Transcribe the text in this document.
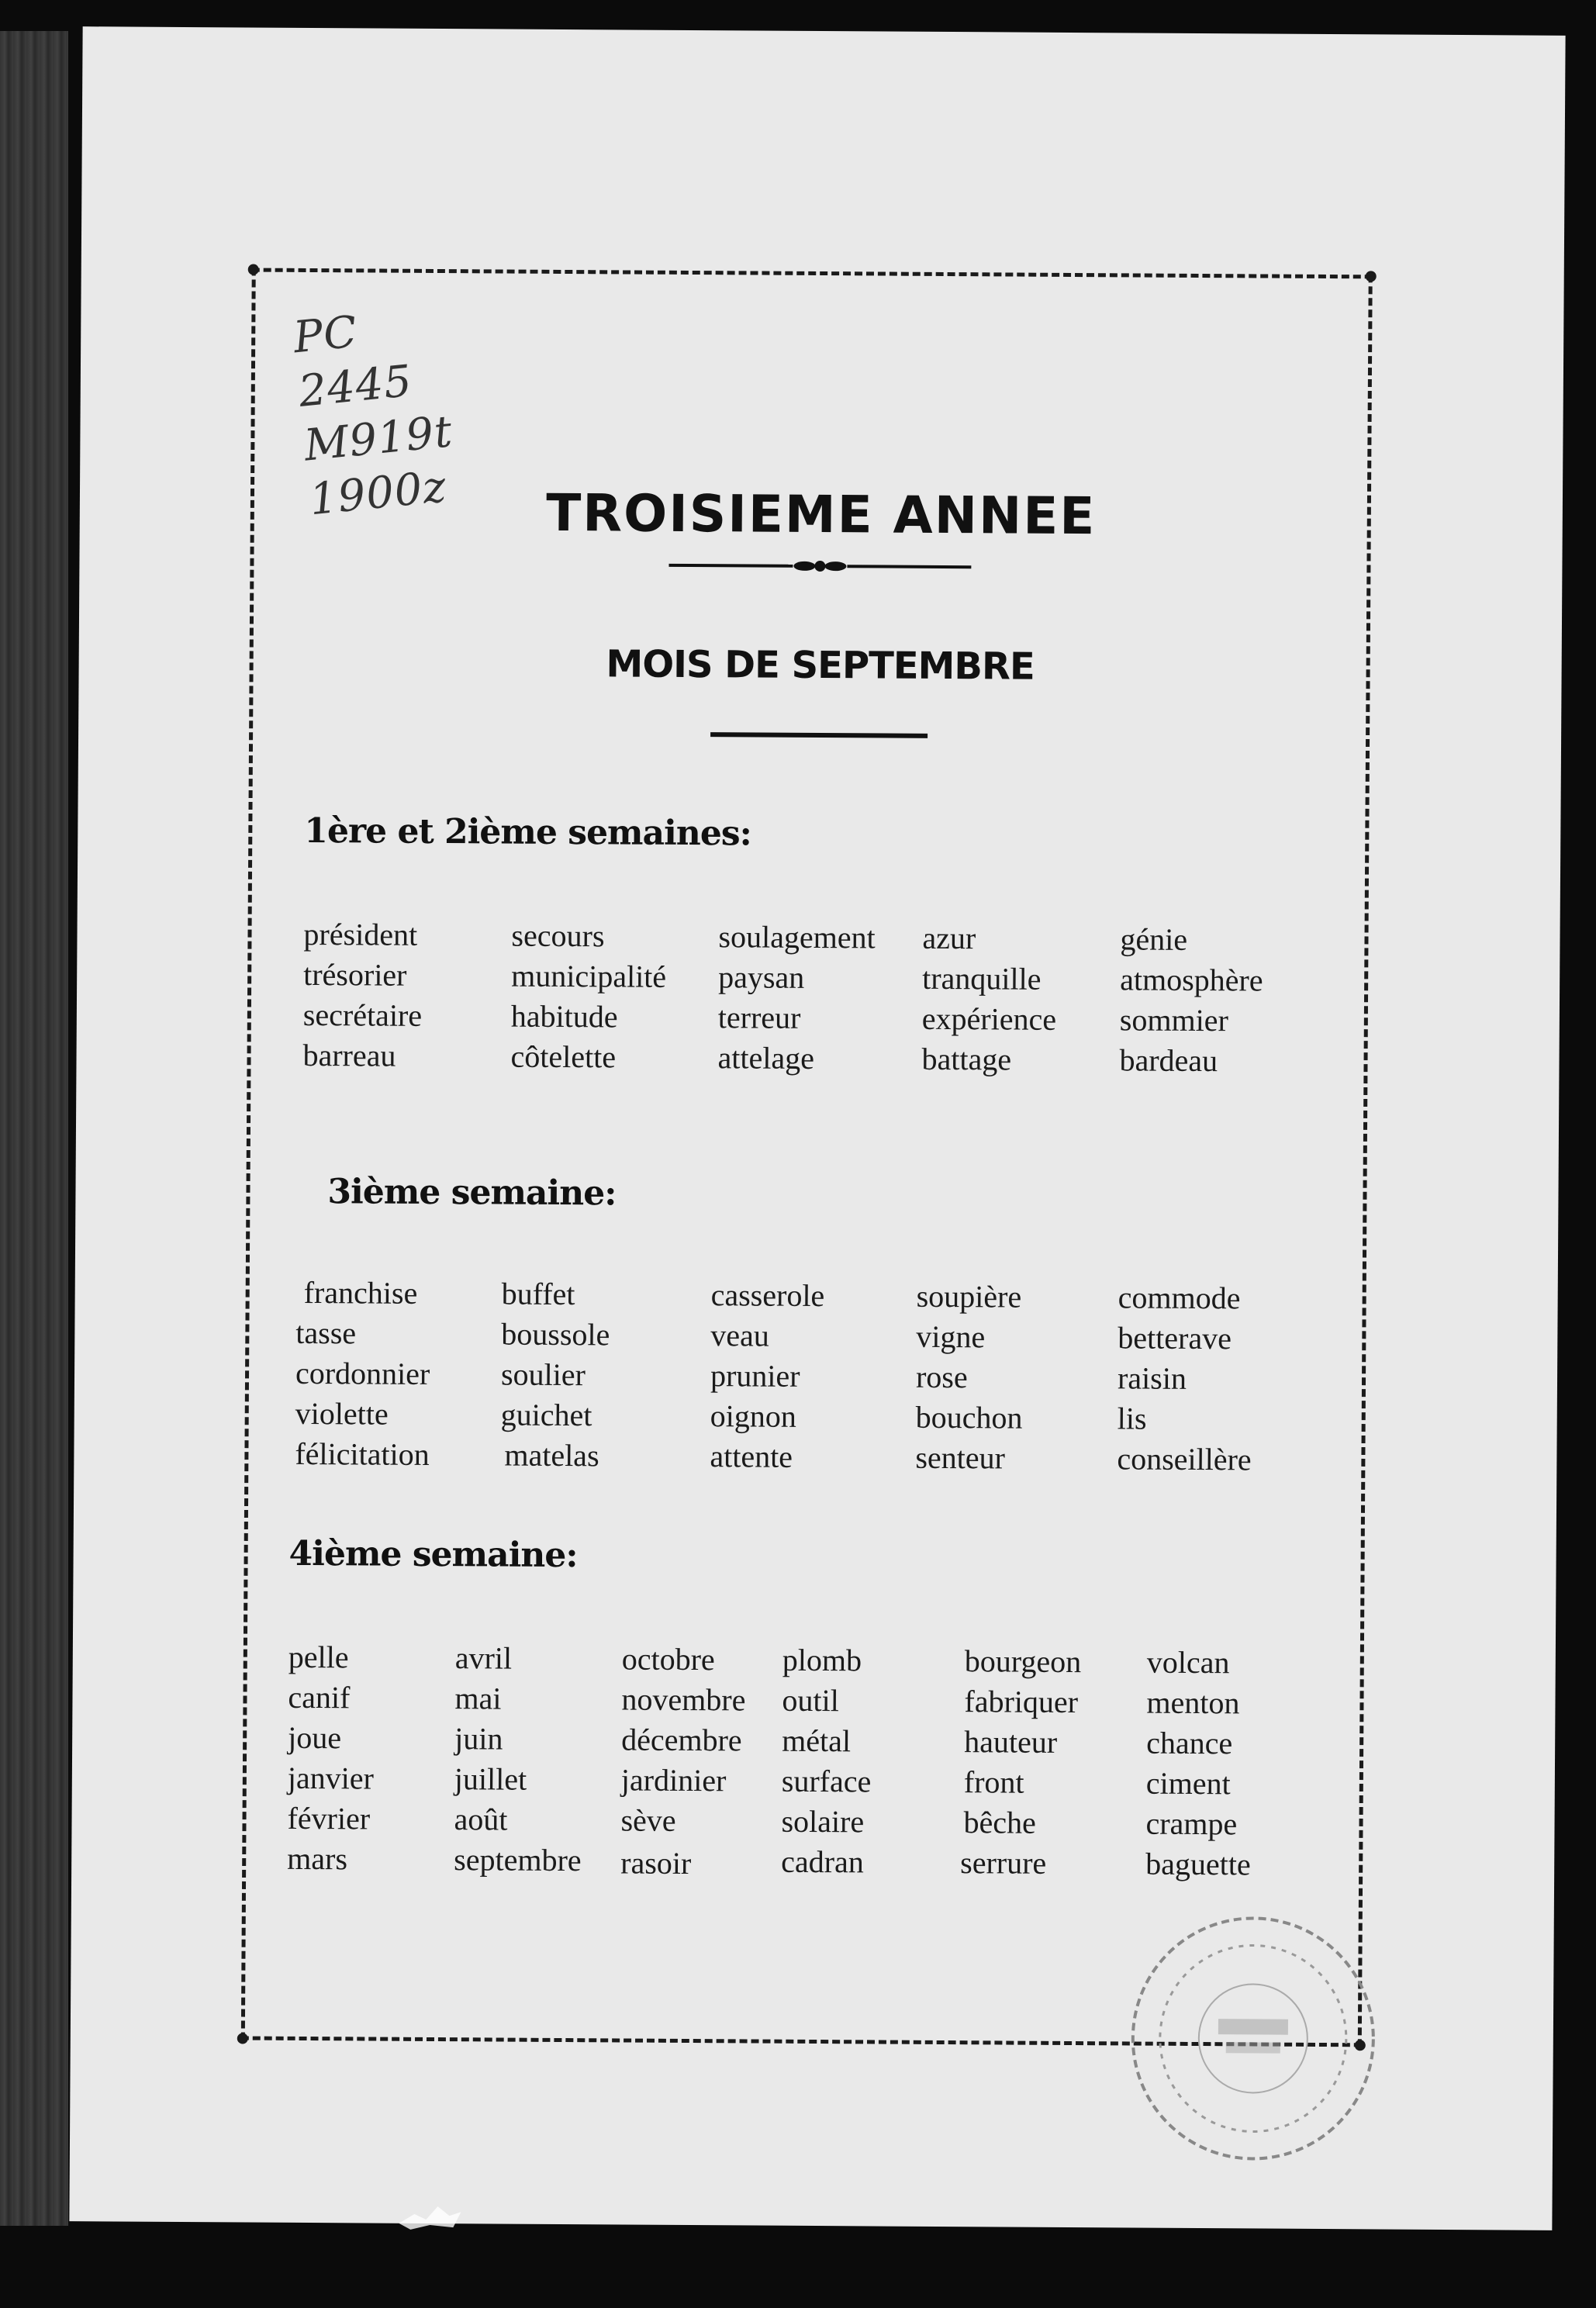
PC
2445
M919t
1900z	TROISIEME ANNEE
MOIS DE SEPTEMBRE
1ère et 2ième semaines:
président
trésorier
secrétaire
barreau
secours
municipalité
habitude
côtelette
soulagement
paysan
terreur
attelage
azur
tranquille
expérience
battage
génie
atmosphère
sommier
bardeau
3ième semaine:
franchise
tasse
cordonnier
violette
félicitation
buffet
boussole
soulier
guichet
matelas
casserole
veau
prunier
oignon
attente
soupière
vigne
rose
bouchon
senteur
commode
betterave
raisin
lis
conseillère
4ième semaine:
pelle
canif
joue
janvier
février
mars
avril
mai
juin
juillet
août
septembre
octobre
novembre
décembre
jardinier
sève
rasoir
plomb
outil
métal
surface
solaire
cadran
bourgeon
fabriquer
hauteur
front
bêche
serrure
volcan
menton
chance
ciment
crampe
baguette
